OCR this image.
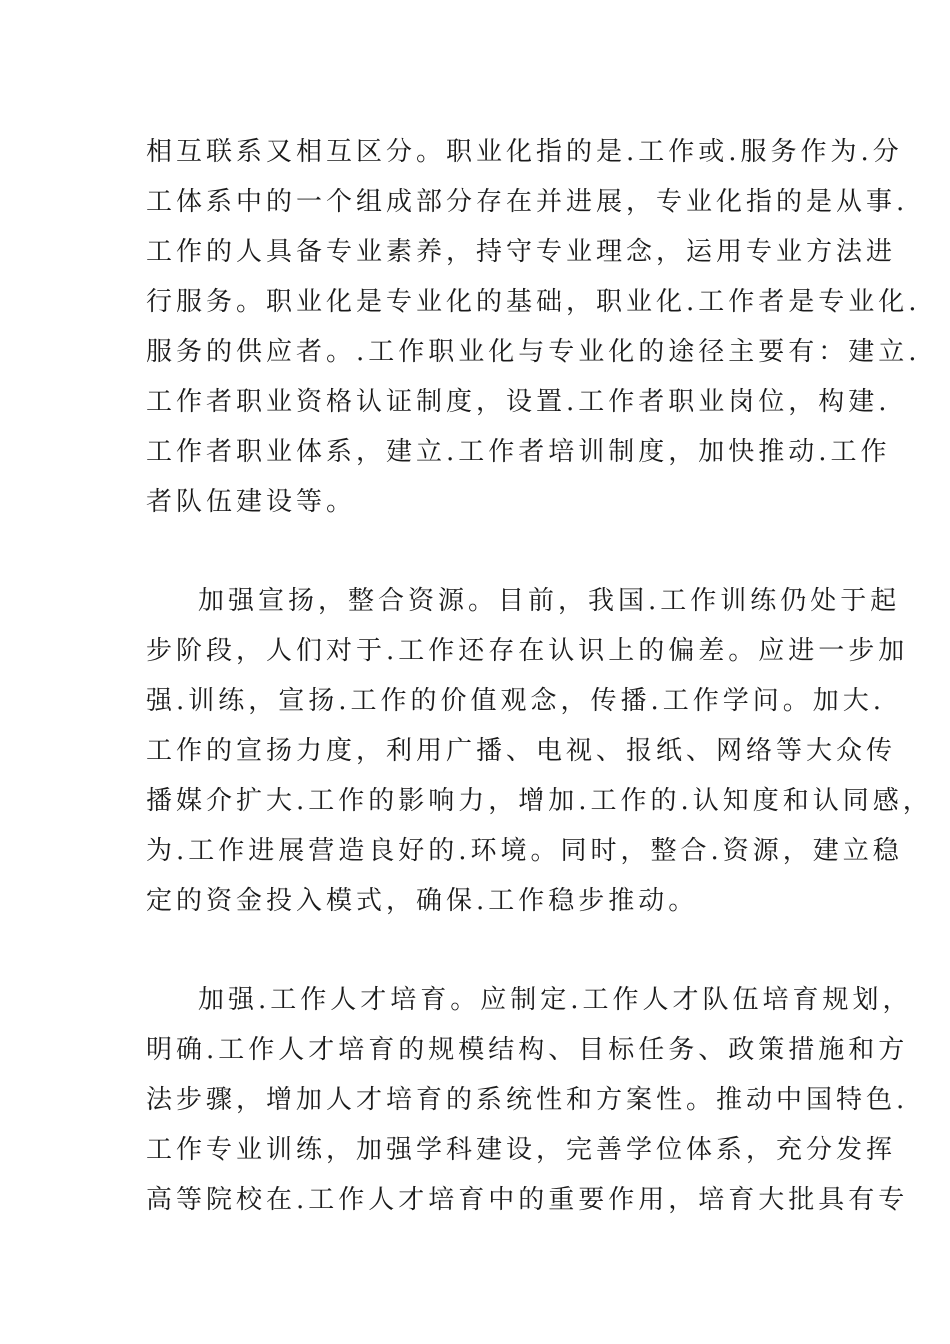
相互联系又相互区分。职业化指的是.工作或.服务作为.分
工体系中的一个组成部分存在并进展，专业化指的是从事.
工作的人具备专业素养，持守专业理念，运用专业方法进
行服务。职业化是专业化的基础，职业化.工作者是专业化.
服务的供应者。.工作职业化与专业化的途径主要有：建立.
工作者职业资格认证制度，设置.工作者职业岗位，构建.
工作者职业体系，建立.工作者培训制度，加快推动.工作
者队伍建设等。
加强宣扬，整合资源。目前，我国.工作训练仍处于起
步阶段，人们对于.工作还存在认识上的偏差。应进一步加
强.训练，宣扬.工作的价值观念，传播.工作学问。加大.
工作的宣扬力度，利用广播、电视、报纸、网络等大众传
播媒介扩大.工作的影响力，增加.工作的.认知度和认同感，
为.工作进展营造良好的.环境。同时，整合.资源，建立稳
定的资金投入模式，确保.工作稳步推动。
加强.工作人才培育。应制定.工作人才队伍培育规划，
明确.工作人才培育的规模结构、目标任务、政策措施和方
法步骤，增加人才培育的系统性和方案性。推动中国特色.
工作专业训练，加强学科建设，完善学位体系，充分发挥
高等院校在.工作人才培育中的重要作用，培育大批具有专
